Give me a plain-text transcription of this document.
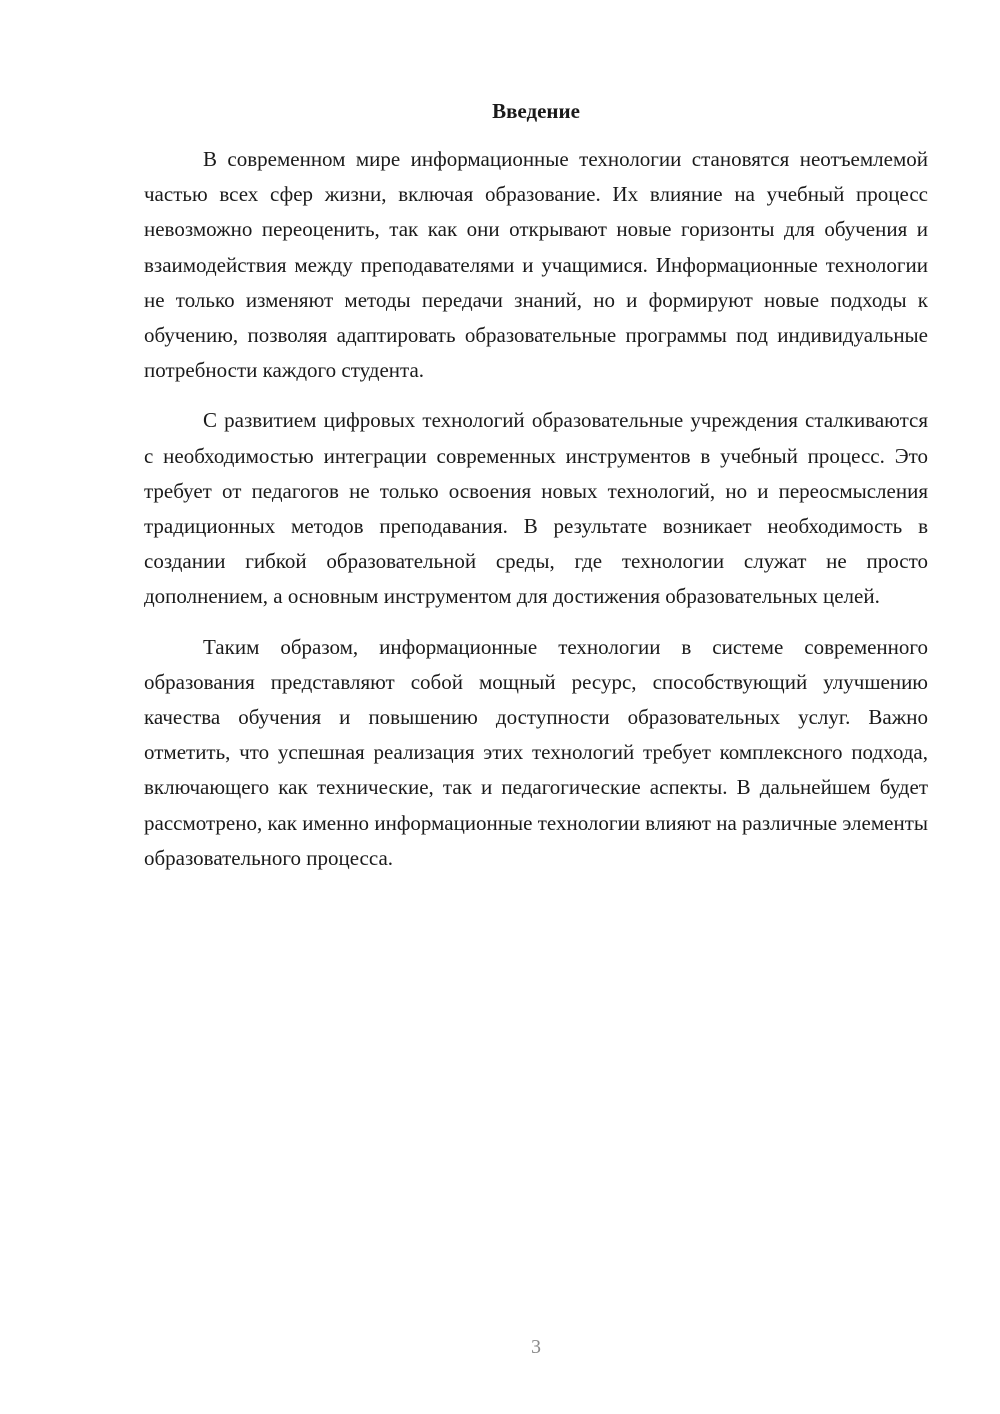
Введение

В современном мире информационные технологии становятся неотъемлемой частью всех сфер жизни, включая образование. Их влияние на учебный процесс невозможно переоценить, так как они открывают новые горизонты для обучения и взаимодействия между преподавателями и учащимися. Информационные технологии не только изменяют методы передачи знаний, но и формируют новые подходы к обучению, позволяя адаптировать образовательные программы под индивидуальные потребности каждого студента.

С развитием цифровых технологий образовательные учреждения сталкиваются с необходимостью интеграции современных инструментов в учебный процесс. Это требует от педагогов не только освоения новых технологий, но и переосмысления традиционных методов преподавания. В результате возникает необходимость в создании гибкой образовательной среды, где технологии служат не просто дополнением, а основным инструментом для достижения образовательных целей.

Таким образом, информационные технологии в системе современного образования представляют собой мощный ресурс, способствующий улучшению качества обучения и повышению доступности образовательных услуг. Важно отметить, что успешная реализация этих технологий требует комплексного подхода, включающего как технические, так и педагогические аспекты. В дальнейшем будет рассмотрено, как именно информационные технологии влияют на различные элементы образовательного процесса.

3
